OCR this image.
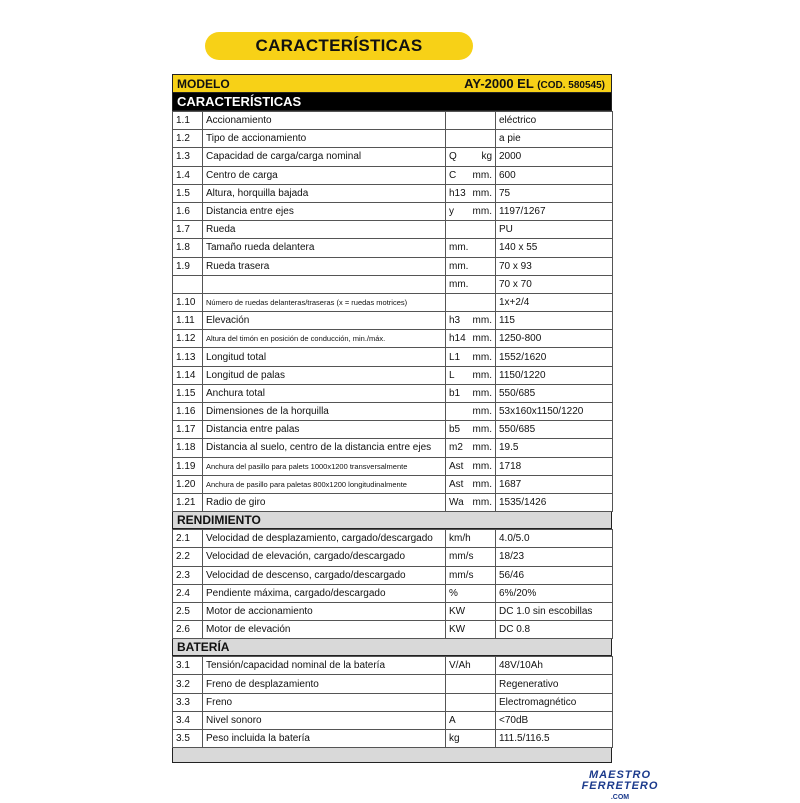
CARACTERÍSTICAS
MODELO	AY-2000 EL (COD. 580545)
CARACTERÍSTICAS
1.1	Accionamiento		eléctrico
1.2	Tipo de accionamiento		a pie
1.3	Capacidad de carga/carga nominal	Q kg	2000
1.4	Centro de carga	C mm.	600
1.5	Altura, horquilla bajada	h13 mm.	75
1.6	Distancia entre ejes	y mm.	1197/1267
1.7	Rueda		PU
1.8	Tamaño rueda delantera	mm.	140 x 55
1.9	Rueda trasera	mm.	70 x 93

		mm.	70 x 70
1.10	Número de ruedas delanteras/traseras (x = ruedas motrices)		1x+2/4
1.11	Elevación	h3 mm.	115
1.12	Altura del timón en posición de conducción, min./máx.	h14 mm.	1250-800
1.13	Longitud total	L1 mm.	1552/1620
1.14	Longitud de palas	L mm.	1150/1220
1.15	Anchura total	b1 mm.	550/685
1.16	Dimensiones de la horquilla	mm.	53x160x1150/1220
1.17	Distancia entre palas	b5 mm.	550/685
1.18	Distancia al suelo, centro de la distancia entre ejes	m2 mm.	19.5
1.19	Anchura del pasillo para palets 1000x1200 transversalmente	Ast mm.	1718
1.20	Anchura de pasillo para paletas 800x1200 longitudinalmente	Ast mm.	1687
1.21	Radio de giro	Wa mm.	1535/1426
RENDIMIENTO
2.1	Velocidad de desplazamiento, cargado/descargado	km/h	4.0/5.0
2.2	Velocidad de elevación, cargado/descargado	mm/s	18/23
2.3	Velocidad de descenso, cargado/descargado	mm/s	56/46
2.4	Pendiente máxima, cargado/descargado	%	6%/20%
2.5	Motor de accionamiento	KW	DC 1.0 sin escobillas
2.6	Motor de elevación	KW	DC 0.8
BATERÍA
3.1	Tensión/capacidad nominal de la batería	V/Ah	48V/10Ah
3.2	Freno de desplazamiento		Regenerativo
3.3	Freno		Electromagnético
3.4	Nivel sonoro	A	<70dB
3.5	Peso incluida la batería	kg	111.5/116.5
MAESTRO
FERRETERO
.COM
